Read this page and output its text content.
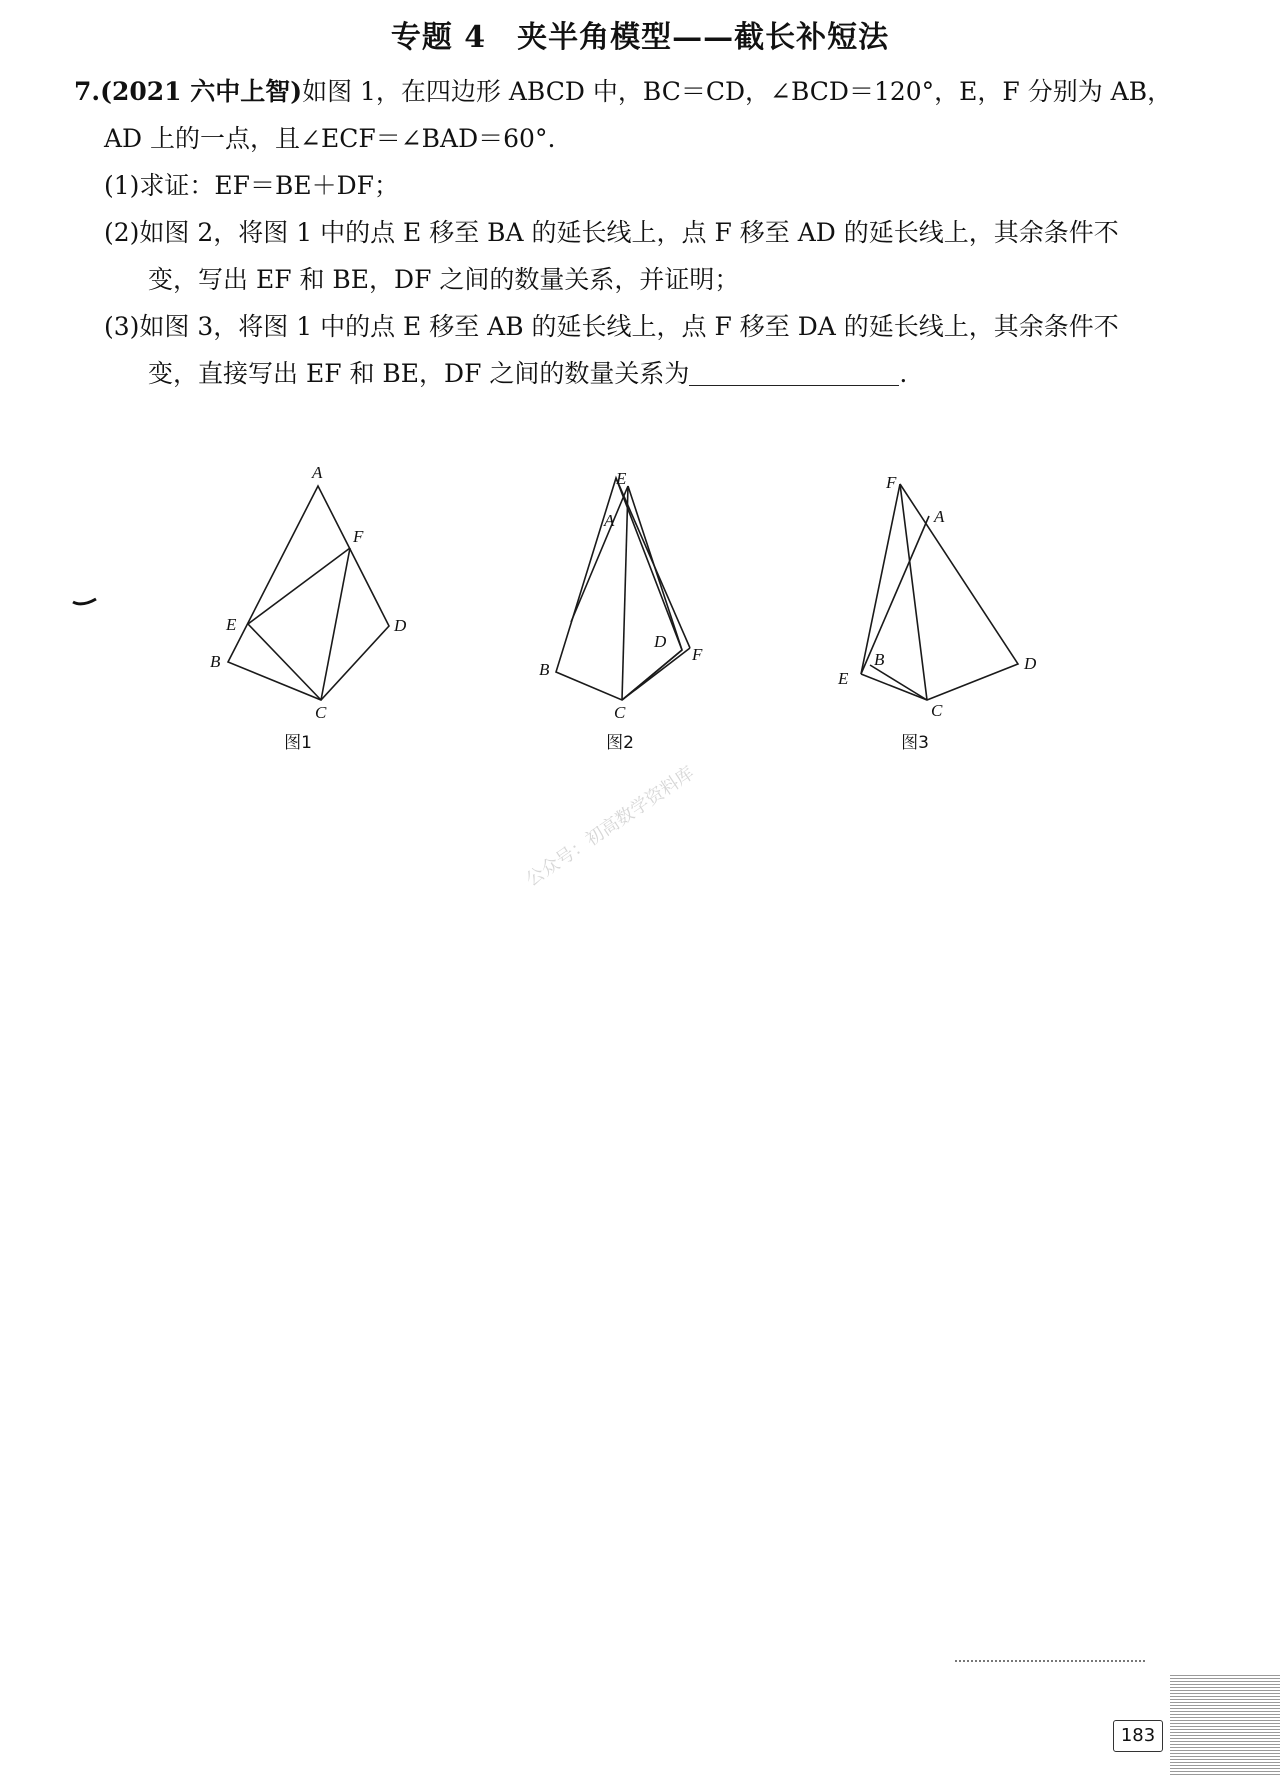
专题 4　夹半角模型——截长补短法

7.(2021 六中上智)如图 1，在四边形 ABCD 中，BC＝CD，∠BCD＝120°，E，F 分别为 AB，

AD 上的一点，且∠ECF＝∠BAD＝60°.

(1)求证：EF＝BE＋DF；

(2)如图 2，将图 1 中的点 E 移至 BA 的延长线上，点 F 移至 AD 的延长线上，其余条件不

变，写出 EF 和 BE，DF 之间的数量关系，并证明；

(3)如图 3，将图 1 中的点 E 移至 AB 的延长线上，点 F 移至 DA 的延长线上，其余条件不

变，直接写出 EF 和 BE，DF 之间的数量关系为	.

A
B
C
D
E
F
图1
A
B
C
D
E
F
图2
A
B
C
D
E
F
图3
公众号：初高数学资料库
183
